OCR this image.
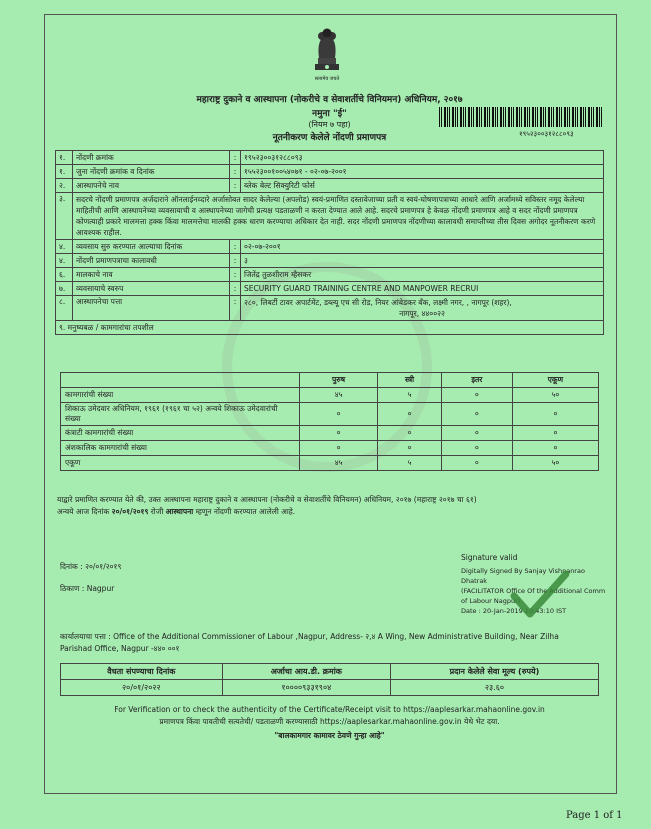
सत्यमेव जयते
महाराष्ट्र दुकाने व आस्थापना (नोकरीचे व सेवाशर्तीचे विनियमन) अधिनियम, २०१७
नमुना "ई"
(नियम ७ पहा)
नूतनीकरण केलेले नोंदणी प्रमाणपत्र	१९५२३००३१२८८०९३
१.	नोंदणी क्रमांक	:	१९५२३००३१२८८०९३
१.	जुना नोंदणी क्रमांक व दिनांक	:	१५५२३००१००५४०७१ - ०२-०७-२००१
२.	आस्थापनेचे नाव	:	ब्लेक बेल्ट सिक्युरिटी फोर्स
३.	सदरचे नोंदणी प्रमाणपत्र अर्जदाराने ऑनलाईनव्दारे अर्जासोबत सादर केलेल्या (अपलोड) स्वयं-प्रमाणित दस्तावेजाच्या प्रती व स्वयं-घोषणापत्राच्या आधारे आणि अर्जामध्ये सविस्तर नमूद केलेल्या माहितीची आणि आस्थापनेच्या व्यवसायाची व आस्थापनेच्या जागेची प्रत्यक्ष पडताळणी न करता देण्यात आले आहे. सदरचे प्रमाणपत्र हे केवळ नोंदणी प्रमाणपत्र आहे व सदर नोंदणी प्रमाणपत्र कोणत्याही प्रकारे मालमत्ता हक्क किंवा मालमत्तेचा मालकी हक्क धारण करण्याचा अधिकार देत नाही. सदर नोंदणी प्रमाणपत्र नोंदणीच्या कालावधी समाप्तीच्या तीस दिवस अगोदर नूतनीकरण करणे आवश्यक राहील.		
४.	व्यवसाय सुरु करण्यात आल्याचा दिनांक	:	०२-०७-२००१
४.	नोंदणी प्रमाणपत्राचा कालावधी	:	३
६.	मालकाचे नाव	:	जितेंद्र तुळशीराम म्हैसकर
७.	व्यवसायाचे स्वरुप	:	SECURITY GUARD TRAINING CENTRE AND MANPOWER RECRUI
८.	आस्थापनेचा पत्ता	:	२८०, लिबर्टी टावर अपार्टमेंट, डब्ल्यू एच सी रोड, नियर आंबेडकर बँक, लक्ष्मी नगर, , नागपूर (शहर),
नागपूर, ४४००२२

९. मनुष्यबळ / कामगारांचा तपशील			
	पुरुष	स्त्री	इतर	एकूण
कामगारांची संख्या	४५	५	०	५०
शिकाऊ उमेदवार अधिनियम, १९६१ (१९६१ चा ५२) अन्वये शिकाऊ उमेदवारांची संख्या	०	०	०	०
कंत्राटी कामगारांची संख्या	०	०	०	०
अंशकालिक कामगारांची संख्या	०	०	०	०
एकूण	४५	५	०	५०
याद्वारे प्रमाणित करण्यात येते की, उक्त आस्थापना महाराष्ट्र दुकाने व आस्थापना (नोकरीचे व सेवाशर्तीचे विनियमन) अधिनियम, २०१७ (महाराष्ट्र २०१७ चा ६१)
अन्वये आज दिनांक २०/०१/२०१९ रोजी आस्थापना म्हणून नोंदणी करण्यात आलेली आहे.
Signature valid
Digitally Signed By Sanjay Vishnanrao Dhatrak
(FACILITATOR Office Of the Additional Comm
of Labour Nagpur)
Date : 20-Jan-2019 10:43:10 IST
दिनांक : २०/०१/२०१९
ठिकाण : Nagpur
कार्यालयाचा पत्ता : Office of the Additional Commissioner of Labour ,Nagpur, Address- २,४ A Wing, New Administrative Building, Near Zilha
Parishad Office, Nagpur -४४० ००१
वैधता संपण्याचा दिनांक	अर्जाचा आय.डी. क्रमांक	प्रदान केलेले सेवा मूल्य (रुपये)
२०/०१/२०२२	१००००९३३१९०४	२३.६०
For Verification or to check the authenticity of the Certificate/Receipt visit to https://aaplesarkar.mahaonline.gov.in
प्रमाणपत्र किंवा पावतीची सत्यतेची/ पडताळणी करण्यासाठी https://aaplesarkar.mahaonline.gov.in येथे भेट दया.
"बालकामगार कामावर ठेवणे गुन्हा आहे"
Page 1 of 1
